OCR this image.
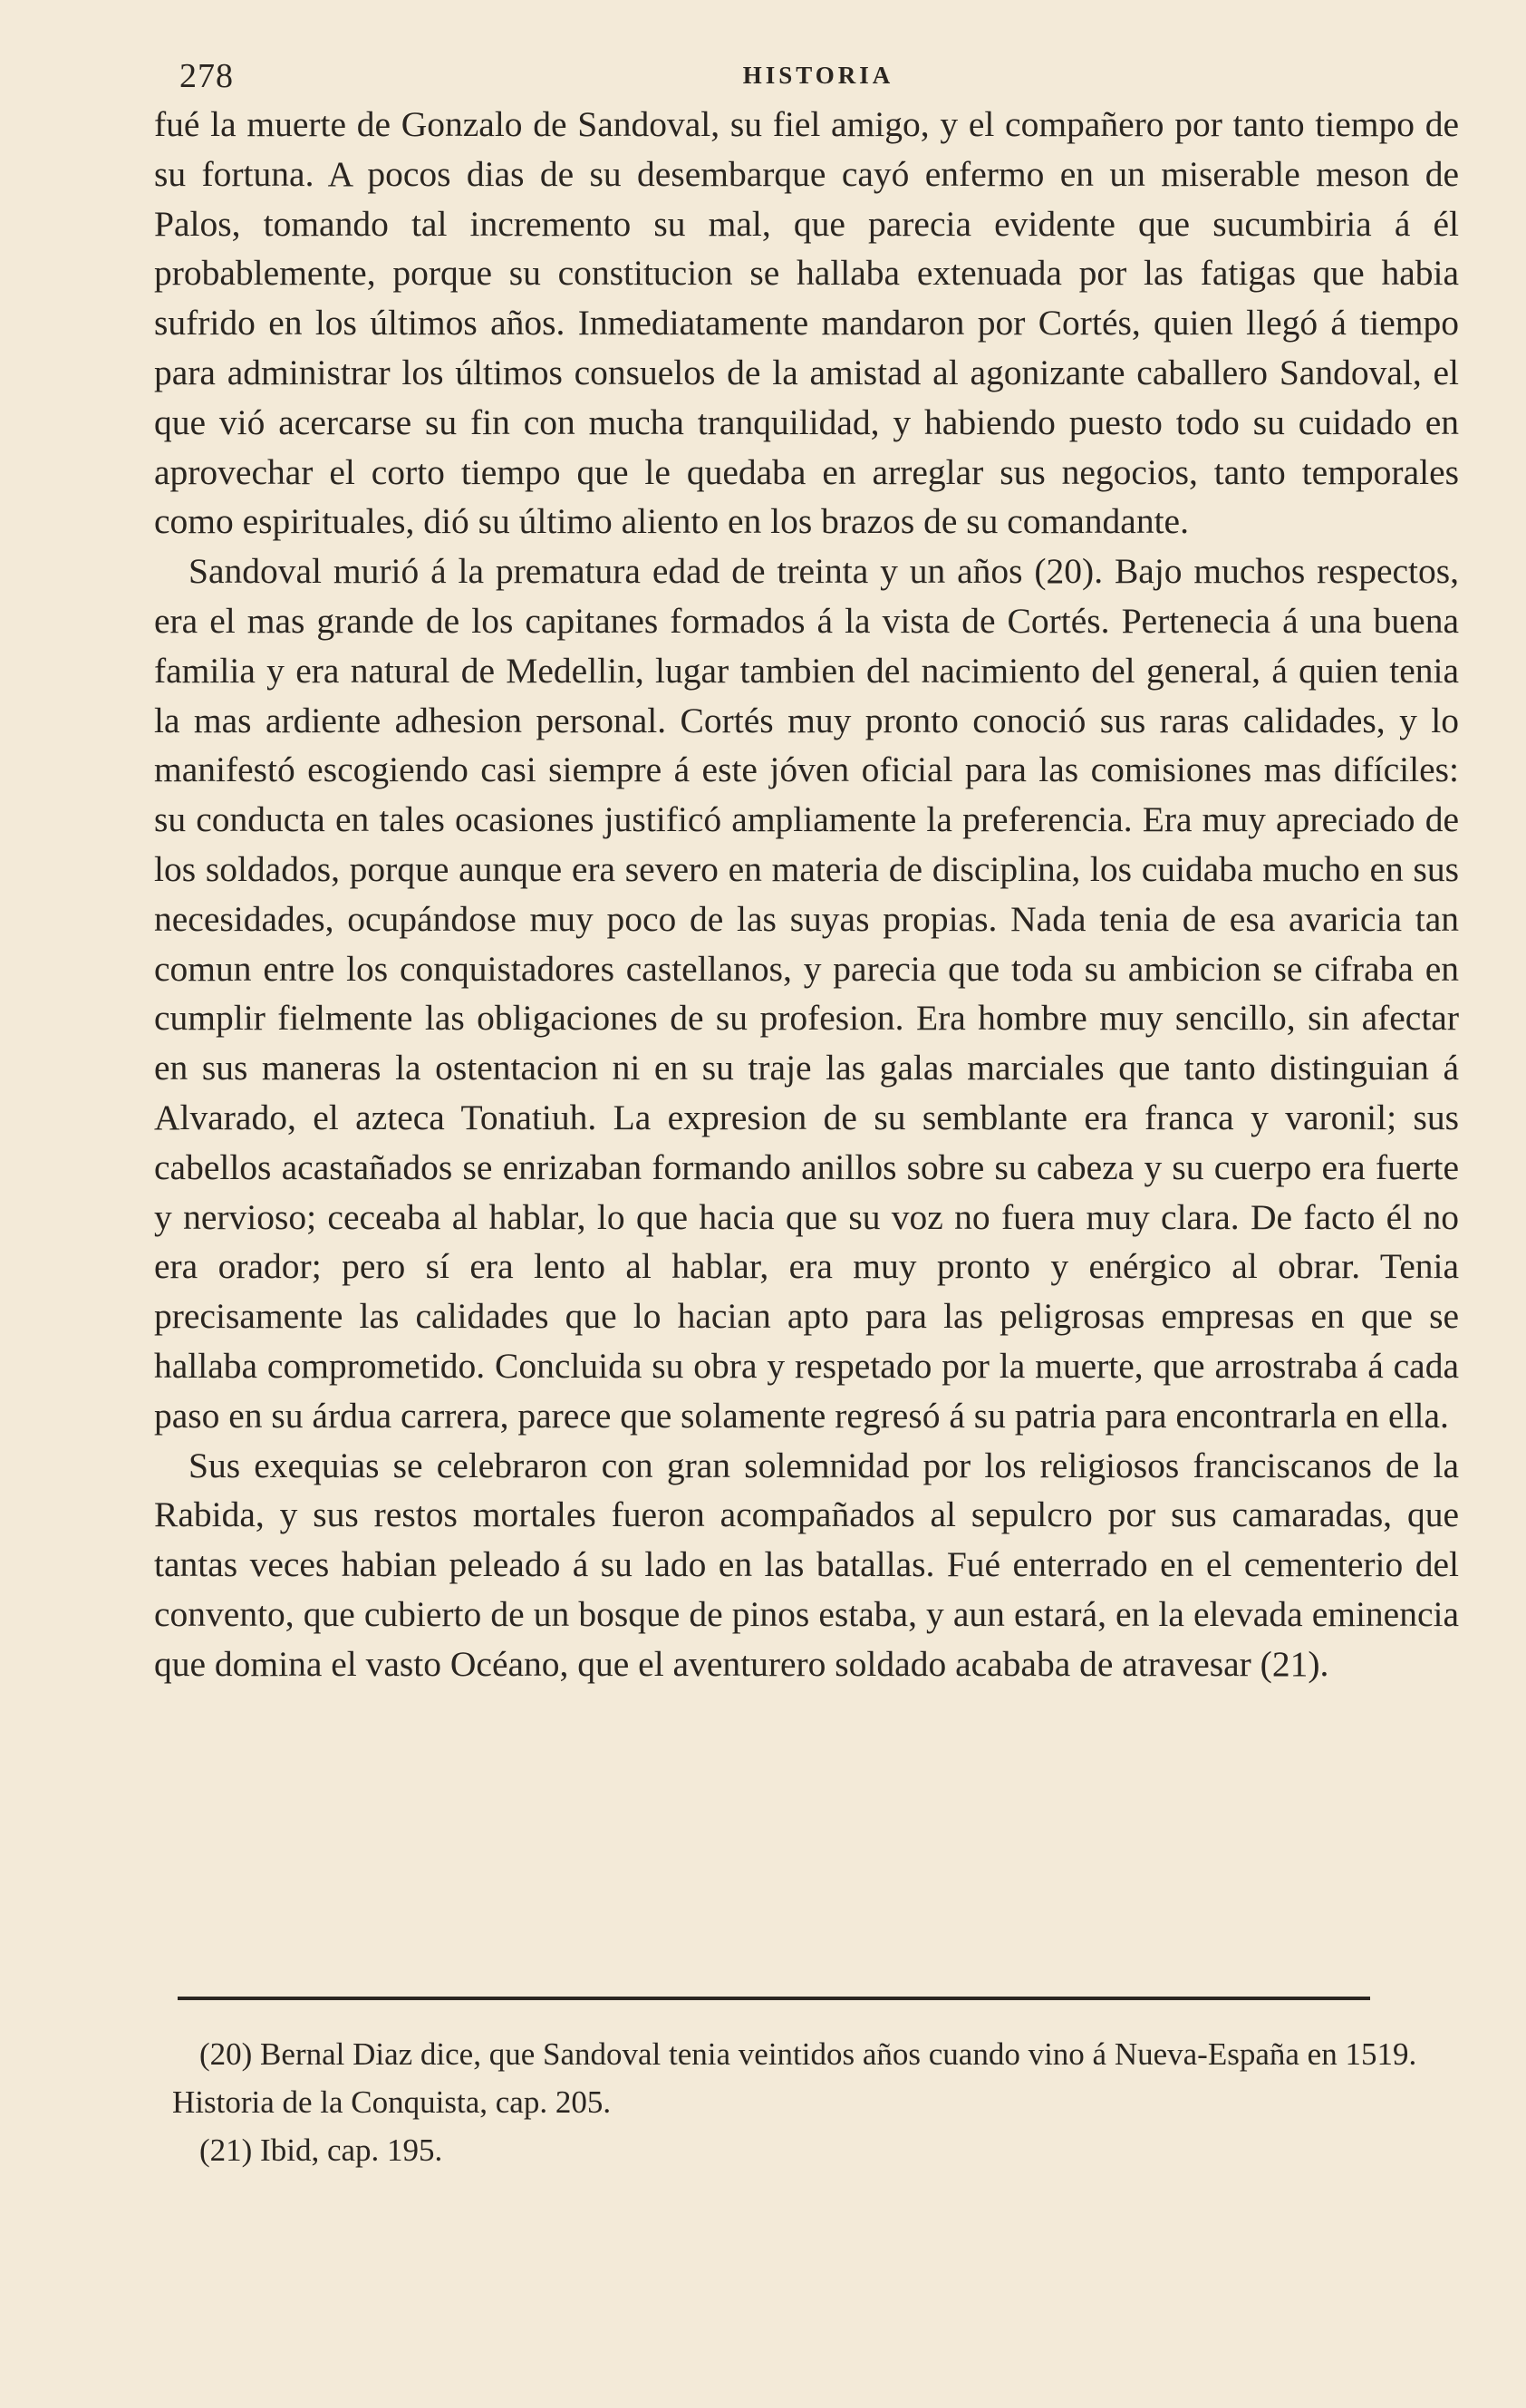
278	HISTORIA

fué la muerte de Gonzalo de Sandoval, su fiel amigo, y el compañero por tanto tiempo de su fortuna. A pocos dias de su desembarque cayó enfermo en un miserable meson de Palos, tomando tal incremento su mal, que parecia evidente que sucumbiria á él probablemente, porque su constitucion se hallaba extenuada por las fatigas que habia sufrido en los últimos años. Inmediatamente mandaron por Cortés, quien llegó á tiempo para administrar los últimos consuelos de la amistad al agonizante caballero Sandoval, el que vió acercarse su fin con mucha tranquilidad, y habiendo puesto todo su cuidado en aprovechar el corto tiempo que le quedaba en arreglar sus negocios, tanto temporales como espirituales, dió su último aliento en los brazos de su comandante.

Sandoval murió á la prematura edad de treinta y un años (20). Bajo muchos respectos, era el mas grande de los capitanes formados á la vista de Cortés. Pertenecia á una buena familia y era natural de Medellin, lugar tambien del nacimiento del general, á quien tenia la mas ardiente adhesion personal. Cortés muy pronto conoció sus raras calidades, y lo manifestó escogiendo casi siempre á este jóven oficial para las comisiones mas difíciles: su conducta en tales ocasiones justificó ampliamente la preferencia. Era muy apreciado de los soldados, porque aunque era severo en materia de disciplina, los cuidaba mucho en sus necesidades, ocupándose muy poco de las suyas propias. Nada tenia de esa avaricia tan comun entre los conquistadores castellanos, y parecia que toda su ambicion se cifraba en cumplir fielmente las obligaciones de su profesion. Era hombre muy sencillo, sin afectar en sus maneras la ostentacion ni en su traje las galas marciales que tanto distinguian á Alvarado, el azteca Tonatiuh. La expresion de su semblante era franca y varonil; sus cabellos acastañados se enrizaban formando anillos sobre su cabeza y su cuerpo era fuerte y nervioso; ceceaba al hablar, lo que hacia que su voz no fuera muy clara. De facto él no era orador; pero sí era lento al hablar, era muy pronto y enérgico al obrar. Tenia precisamente las calidades que lo hacian apto para las peligrosas empresas en que se hallaba comprometido. Concluida su obra y respetado por la muerte, que arrostraba á cada paso en su árdua carrera, parece que solamente regresó á su patria para encontrarla en ella.

Sus exequias se celebraron con gran solemnidad por los religiosos franciscanos de la Rabida, y sus restos mortales fueron acompañados al sepulcro por sus camaradas, que tantas veces habian peleado á su lado en las batallas. Fué enterrado en el cementerio del convento, que cubierto de un bosque de pinos estaba, y aun estará, en la elevada eminencia que domina el vasto Océano, que el aventurero soldado acababa de atravesar (21).

(20) Bernal Diaz dice, que Sandoval tenia veintidos años cuando vino á Nueva-España en 1519. Historia de la Conquista, cap. 205.

(21) Ibid, cap. 195.
